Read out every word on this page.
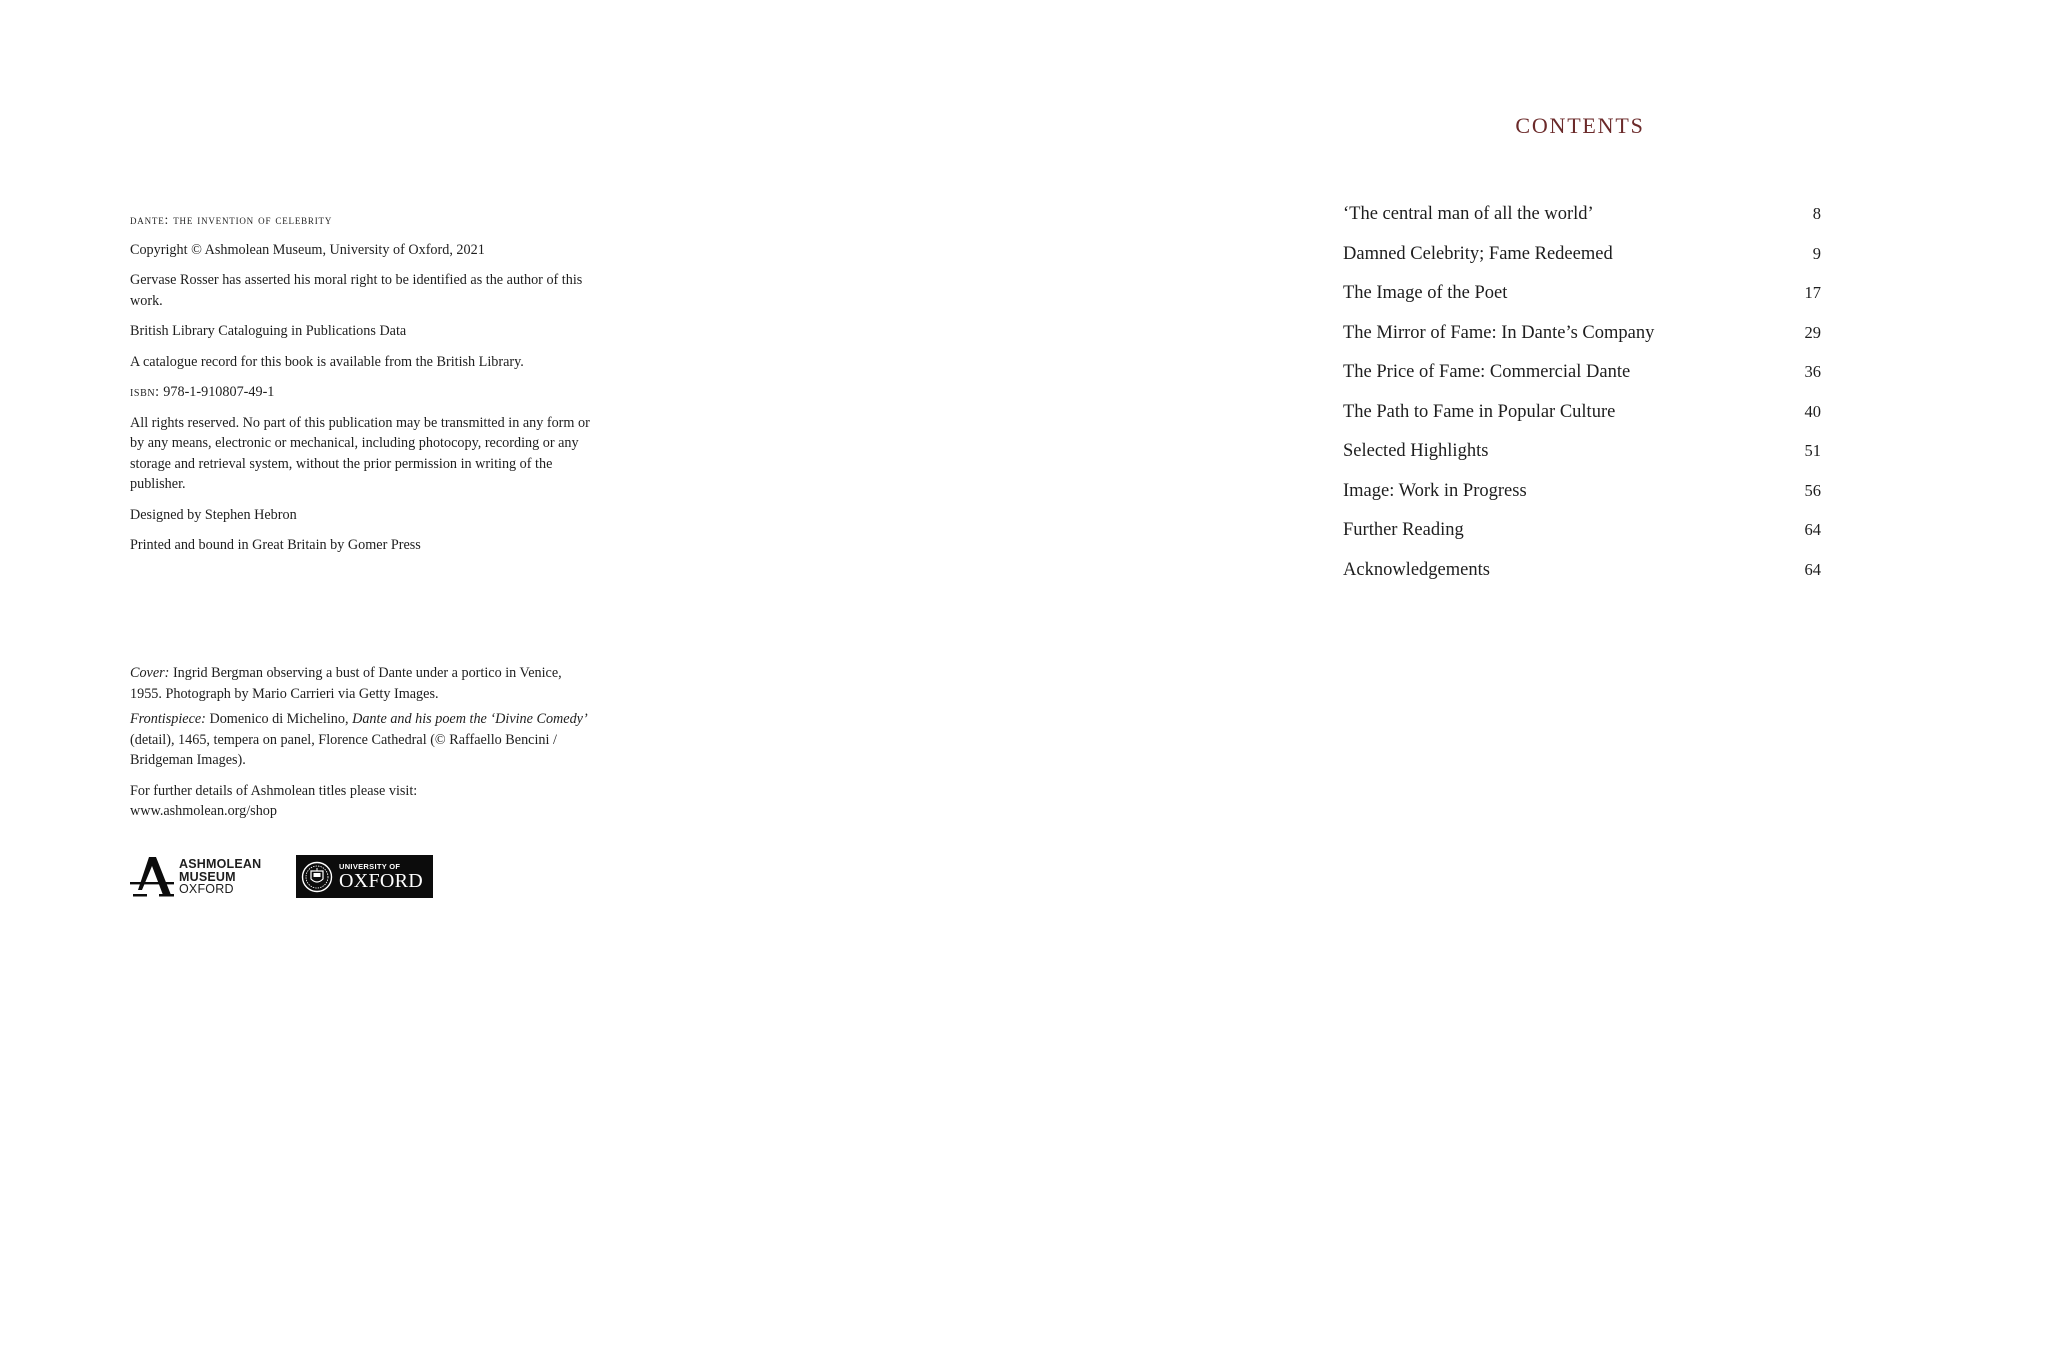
dante: the invention of celebrity

Copyright © Ashmolean Museum, University of Oxford, 2021

Gervase Rosser has asserted his moral right to be identified as the author of this work.

British Library Cataloguing in Publications Data

A catalogue record for this book is available from the British Library.

isbn: 978-1-910807-49-1

All rights reserved. No part of this publication may be transmitted in any form or by any means, electronic or mechanical, including photocopy, recording or any storage and retrieval system, without the prior permission in writing of the publisher.

Designed by Stephen Hebron

Printed and bound in Great Britain by Gomer Press

Cover: Ingrid Bergman observing a bust of Dante under a portico in Venice, 1955. Photograph by Mario Carrieri via Getty Images.

Frontispiece: Domenico di Michelino, Dante and his poem the ‘Divine Comedy’ (detail), 1465, tempera on panel, Florence Cathedral (© Raffaello Bencini / Bridgeman Images).

For further details of Ashmolean titles please visit:
www.ashmolean.org/shop

ASHMOLEAN
MUSEUM
OXFORD
UNIVERSITY OF
OXFORD
CONTENTS
‘The central man of all the world’	8
Damned Celebrity; Fame Redeemed	9
The Image of the Poet	17
The Mirror of Fame: In Dante’s Company	29
The Price of Fame: Commercial Dante	36
The Path to Fame in Popular Culture	40
Selected Highlights	51
Image: Work in Progress	56
Further Reading	64
Acknowledgements	64
